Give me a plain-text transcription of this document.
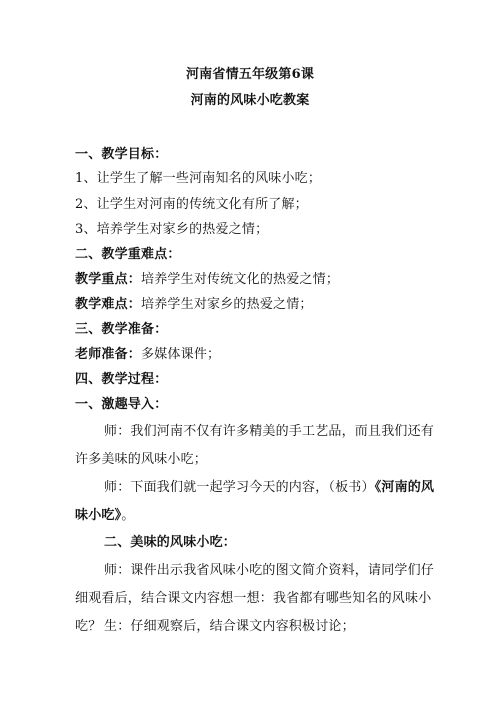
河南省情五年级第6课
河南的风味小吃教案
一、教学目标：
1、让学生了解一些河南知名的风味小吃；
2、让学生对河南的传统文化有所了解；
3、培养学生对家乡的热爱之情；
二、教学重难点：
教学重点：培养学生对传统文化的热爱之情；
教学难点：培养学生对家乡的热爱之情；
三、教学准备：
老师准备：多媒体课件；
四、教学过程：
一、激趣导入：
师：我们河南不仅有许多精美的手工艺品，而且我们还有许多美味的风味小吃；
师：下面我们就一起学习今天的内容，（板书）《河南的风味小吃》。
二、美味的风味小吃：
师：课件出示我省风味小吃的图文简介资料，请同学们仔细观看后，结合课文内容想一想：我省都有哪些知名的风味小吃？ 生：仔细观察后，结合课文内容积极讨论；
